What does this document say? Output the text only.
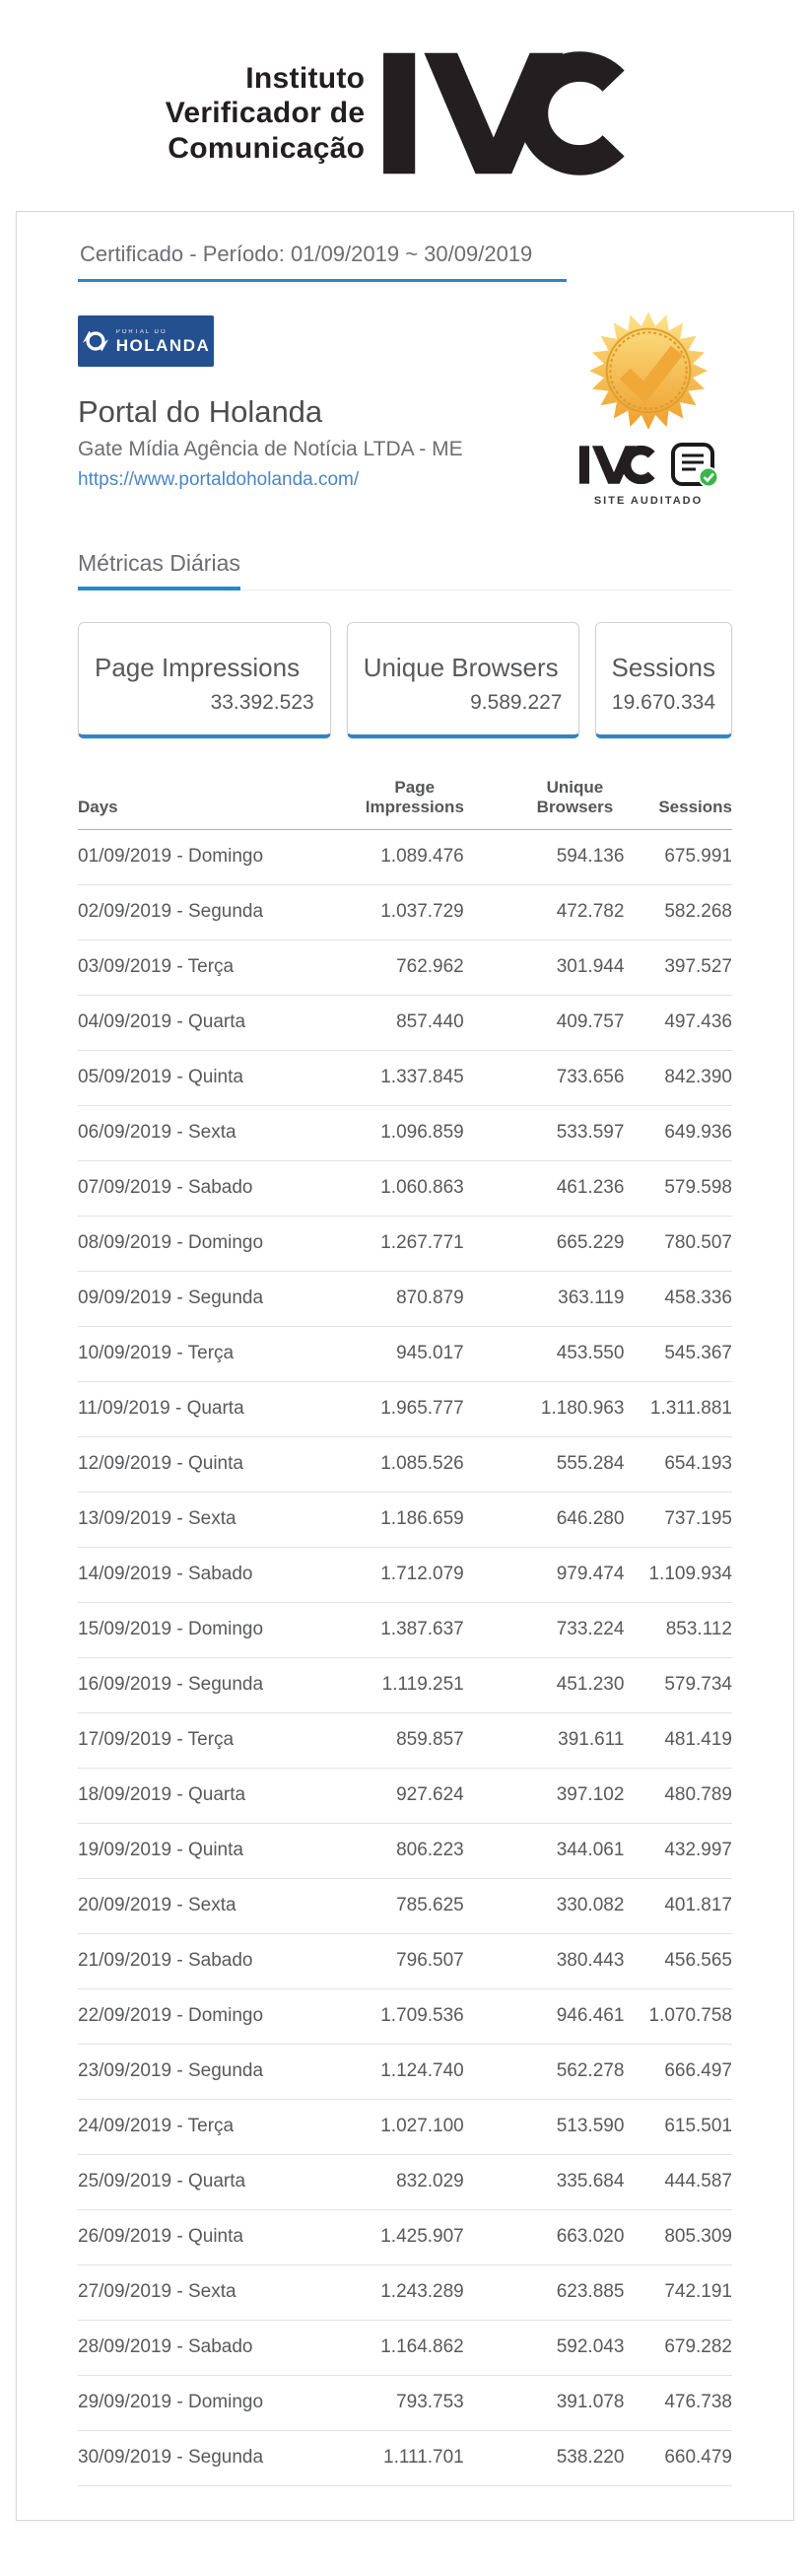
Instituto
Verificador de
Comunicação
Certificado - Período: 01/09/2019 ~ 30/09/2019
PORTAL DO
HOLANDA
Portal do Holanda
Gate Mídia Agência de Notícia LTDA - ME
https://www.portaldoholanda.com/
SITE AUDITADO
Métricas Diárias
Page Impressions
33.392.523
Unique Browsers
9.589.227
Sessions
19.670.334
Days	Page Impressions	Unique Browsers	Sessions
01/09/2019 - Domingo	1.089.476	594.136	675.991
02/09/2019 - Segunda	1.037.729	472.782	582.268
03/09/2019 - Terça	762.962	301.944	397.527
04/09/2019 - Quarta	857.440	409.757	497.436
05/09/2019 - Quinta	1.337.845	733.656	842.390
06/09/2019 - Sexta	1.096.859	533.597	649.936
07/09/2019 - Sabado	1.060.863	461.236	579.598
08/09/2019 - Domingo	1.267.771	665.229	780.507
09/09/2019 - Segunda	870.879	363.119	458.336
10/09/2019 - Terça	945.017	453.550	545.367
11/09/2019 - Quarta	1.965.777	1.180.963	1.311.881
12/09/2019 - Quinta	1.085.526	555.284	654.193
13/09/2019 - Sexta	1.186.659	646.280	737.195
14/09/2019 - Sabado	1.712.079	979.474	1.109.934
15/09/2019 - Domingo	1.387.637	733.224	853.112
16/09/2019 - Segunda	1.119.251	451.230	579.734
17/09/2019 - Terça	859.857	391.611	481.419
18/09/2019 - Quarta	927.624	397.102	480.789
19/09/2019 - Quinta	806.223	344.061	432.997
20/09/2019 - Sexta	785.625	330.082	401.817
21/09/2019 - Sabado	796.507	380.443	456.565
22/09/2019 - Domingo	1.709.536	946.461	1.070.758
23/09/2019 - Segunda	1.124.740	562.278	666.497
24/09/2019 - Terça	1.027.100	513.590	615.501
25/09/2019 - Quarta	832.029	335.684	444.587
26/09/2019 - Quinta	1.425.907	663.020	805.309
27/09/2019 - Sexta	1.243.289	623.885	742.191
28/09/2019 - Sabado	1.164.862	592.043	679.282
29/09/2019 - Domingo	793.753	391.078	476.738
30/09/2019 - Segunda	1.111.701	538.220	660.479
